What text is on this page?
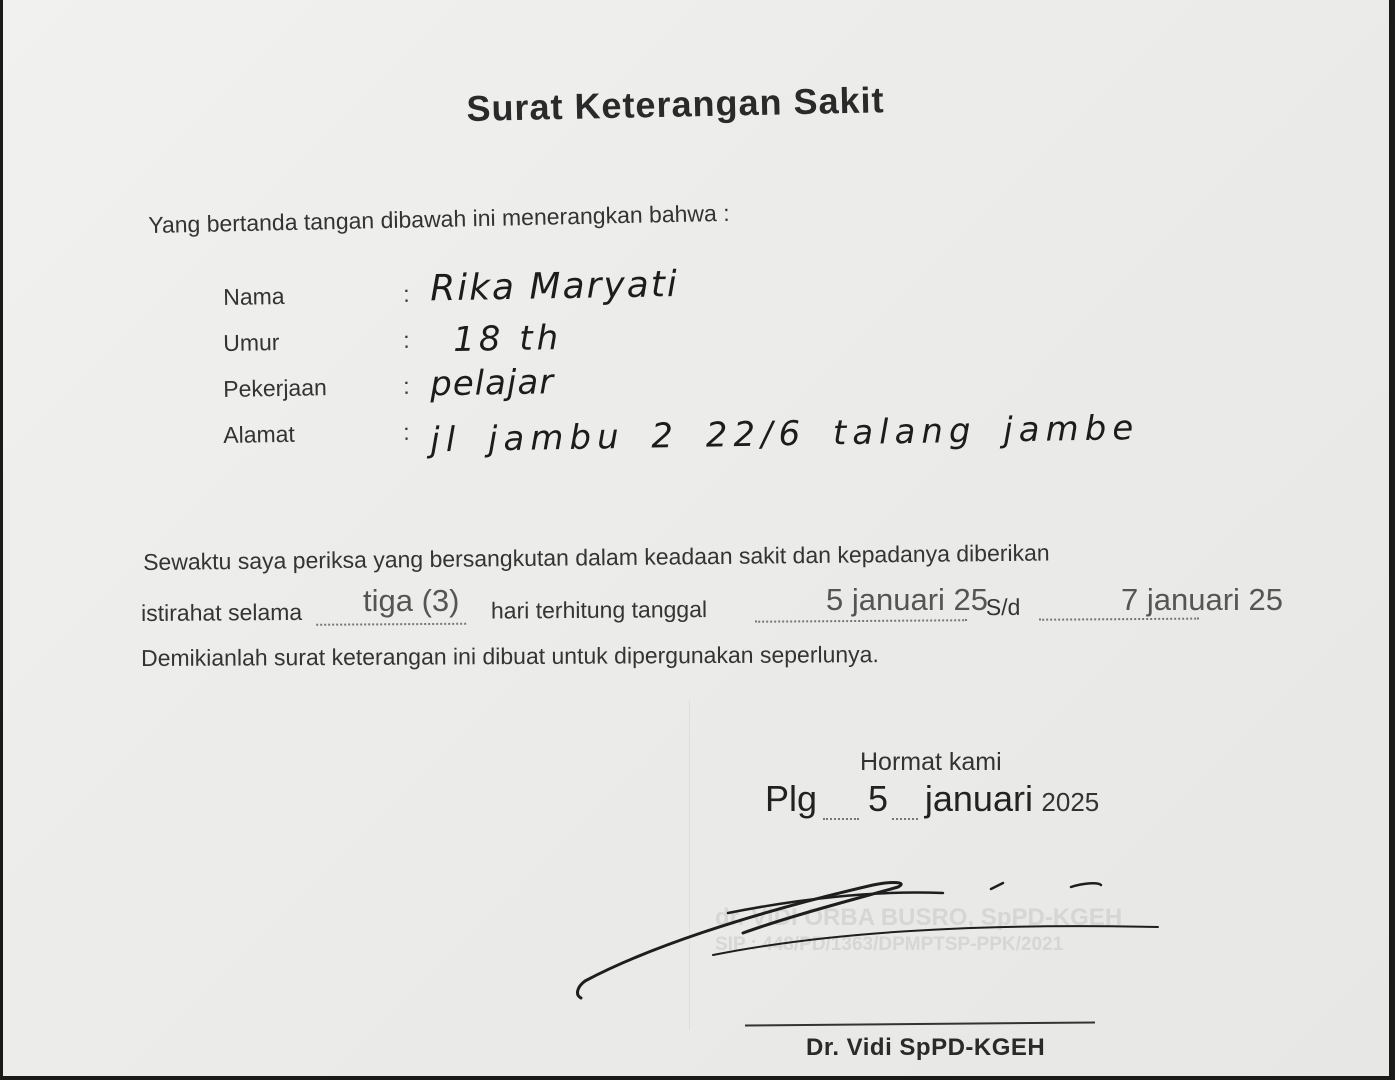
Surat Keterangan Sakit
Yang bertanda tangan dibawah ini menerangkan bahwa :
Nama	: Rika Maryati
Umur	: 18 th
Pekerjaan	: pelajar
Alamat	: jl jambu 2 22/6 talang jambe
Sewaktu saya periksa yang bersangkutan dalam keadaan sakit dan kepadanya diberikan
istirahat selama	hari terhitung tanggal	S/d
tiga (3)	5 januari 25	7 januari 25
Demikianlah surat keterangan ini dibuat untuk dipergunakan seperlunya.
Hormat kami
Plg 5 januari 2025
dr. VIDI ORBA BUSRO, SpPD-KGEH
SIP : 448/PD/1363/DPMPTSP-PPK/2021
Dr. Vidi SpPD-KGEH
